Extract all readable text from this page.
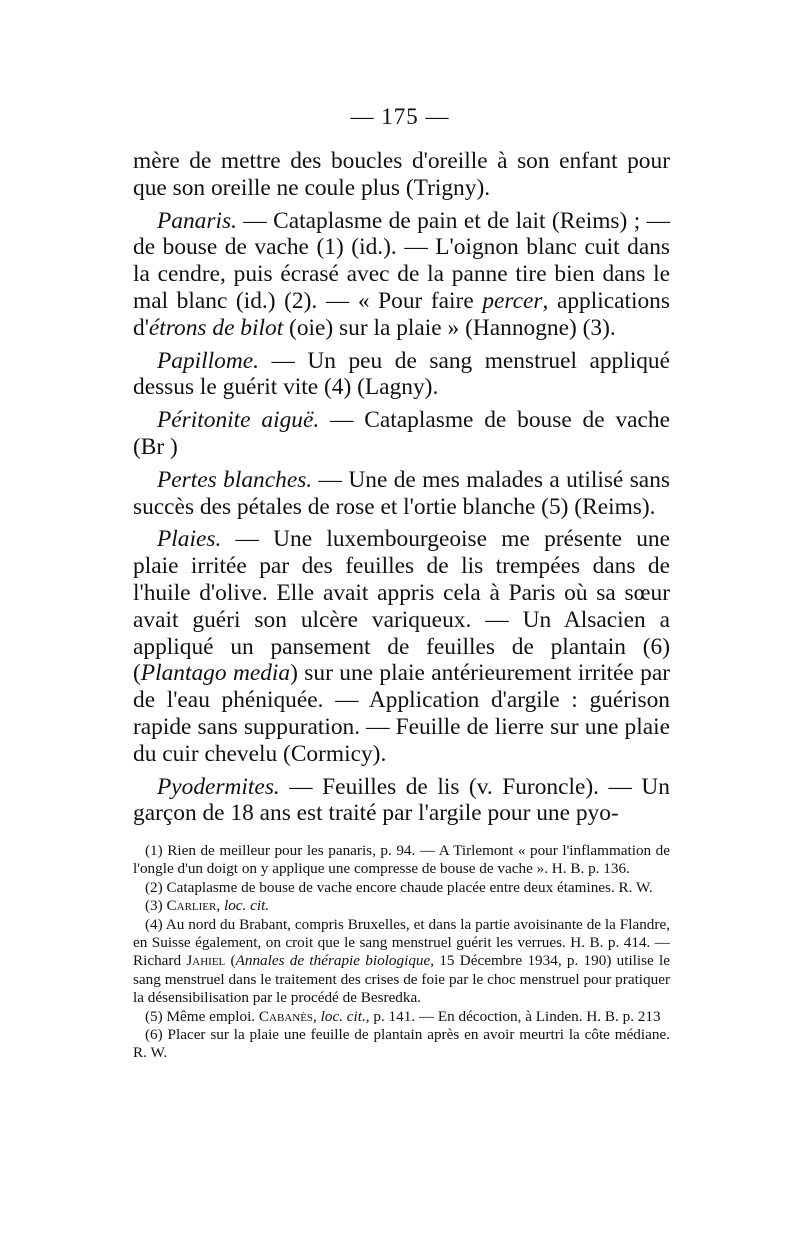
— 175 —

mère de mettre des boucles d'oreille à son enfant pour que son oreille ne coule plus (Trigny).

Panaris. — Cataplasme de pain et de lait (Reims) ; — de bouse de vache (1) (id.). — L'oignon blanc cuit dans la cendre, puis écrasé avec de la panne tire bien dans le mal blanc (id.) (2). — « Pour faire percer, applications d'étrons de bilot (oie) sur la plaie » (Hannogne) (3).

Papillome. — Un peu de sang menstruel appliqué dessus le guérit vite (4) (Lagny).

Péritonite aiguë. — Cataplasme de bouse de vache (Br )

Pertes blanches. — Une de mes malades a utilisé sans succès des pétales de rose et l'ortie blanche (5) (Reims).

Plaies. — Une luxembourgeoise me présente une plaie irritée par des feuilles de lis trempées dans de l'huile d'olive. Elle avait appris cela à Paris où sa sœur avait guéri son ulcère variqueux. — Un Alsacien a appliqué un pansement de feuilles de plantain (6) (Plantago media) sur une plaie antérieurement irritée par de l'eau phéniquée. — Application d'argile : guérison rapide sans suppuration. — Feuille de lierre sur une plaie du cuir chevelu (Cormicy).

Pyodermites. — Feuilles de lis (v. Furoncle). — Un garçon de 18 ans est traité par l'argile pour une pyo-

(1) Rien de meilleur pour les panaris, p. 94. — A Tirlemont « pour l'inflammation de l'ongle d'un doigt on y applique une compresse de bouse de vache ». H. B. p. 136.

(2) Cataplasme de bouse de vache encore chaude placée entre deux étamines. R. W.

(3) Carlier, loc. cit.

(4) Au nord du Brabant, compris Bruxelles, et dans la partie avoisinante de la Flandre, en Suisse également, on croit que le sang menstruel guérit les verrues. H. B. p. 414. — Richard Jahiel (Annales de thérapie biologique, 15 Décembre 1934, p. 190) utilise le sang menstruel dans le traitement des crises de foie par le choc menstruel pour pratiquer la désensibilisation par le procédé de Besredka.

(5) Même emploi. Cabanès, loc. cit., p. 141. — En décoction, à Linden. H. B. p. 213

(6) Placer sur la plaie une feuille de plantain après en avoir meurtri la côte médiane. R. W.
